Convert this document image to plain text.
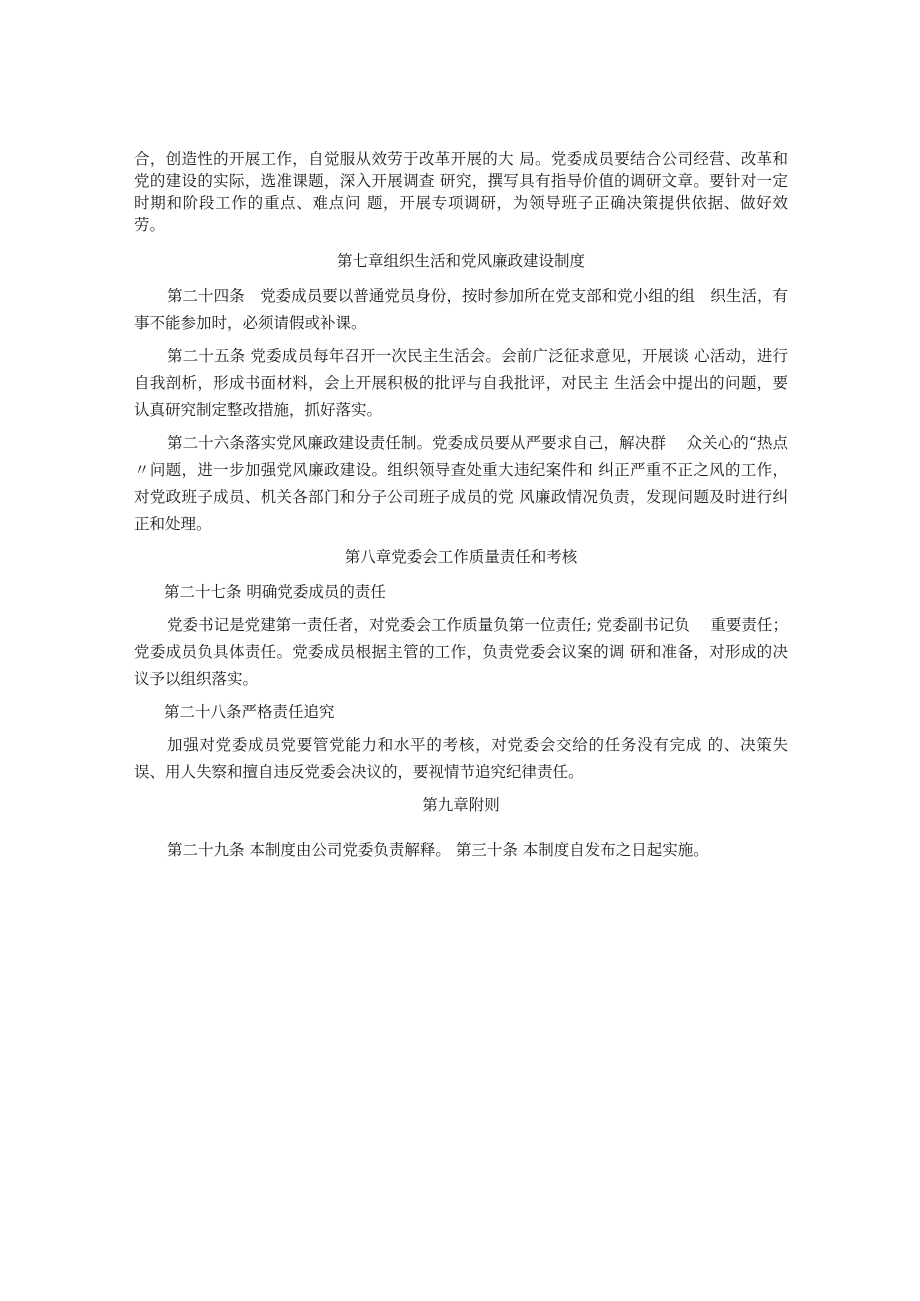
合，创造性的开展工作，自觉服从效劳于改革开展的大 局。党委成员要结合公司经营、改革和党的建设的实际，选准课题，深入开展调查 研究，撰写具有指导价值的调研文章。要针对一定时期和阶段工作的重点、难点问 题，开展专项调研，为领导班子正确决策提供依据、做好效劳。

第七章组织生活和党风廉政建设制度

第二十四条　党委成员要以普通党员身份，按时参加所在党支部和党小组的组　织生活，有事不能参加时，必须请假或补课。

第二十五条 党委成员每年召开一次民主生活会。会前广泛征求意见，开展谈 心活动，进行自我剖析，形成书面材料，会上开展积极的批评与自我批评，对民主 生活会中提出的问题，要认真研究制定整改措施，抓好落实。

第二十六条落实党风廉政建设责任制。党委成员要从严要求自己，解决群　 众关心的“热点〃问题，进一步加强党风廉政建设。组织领导查处重大违纪案件和 纠正严重不正之风的工作，对党政班子成员、机关各部门和分子公司班子成员的党 风廉政情况负责，发现问题及时进行纠正和处理。

第八章党委会工作质量责任和考核

第二十七条 明确党委成员的责任

党委书记是党建第一责任者，对党委会工作质量负第一位责任; 党委副书记负　 重要责任；党委成员负具体责任。党委成员根据主管的工作，负责党委会议案的调 研和准备，对形成的决议予以组织落实。

第二十八条严格责任追究

加强对党委成员党要管党能力和水平的考核，对党委会交给的任务没有完成 的、决策失误、用人失察和擅自违反党委会决议的，要视情节追究纪律责任。

第九章附则

第二十九条 本制度由公司党委负责解释。 第三十条 本制度自发布之日起实施。
